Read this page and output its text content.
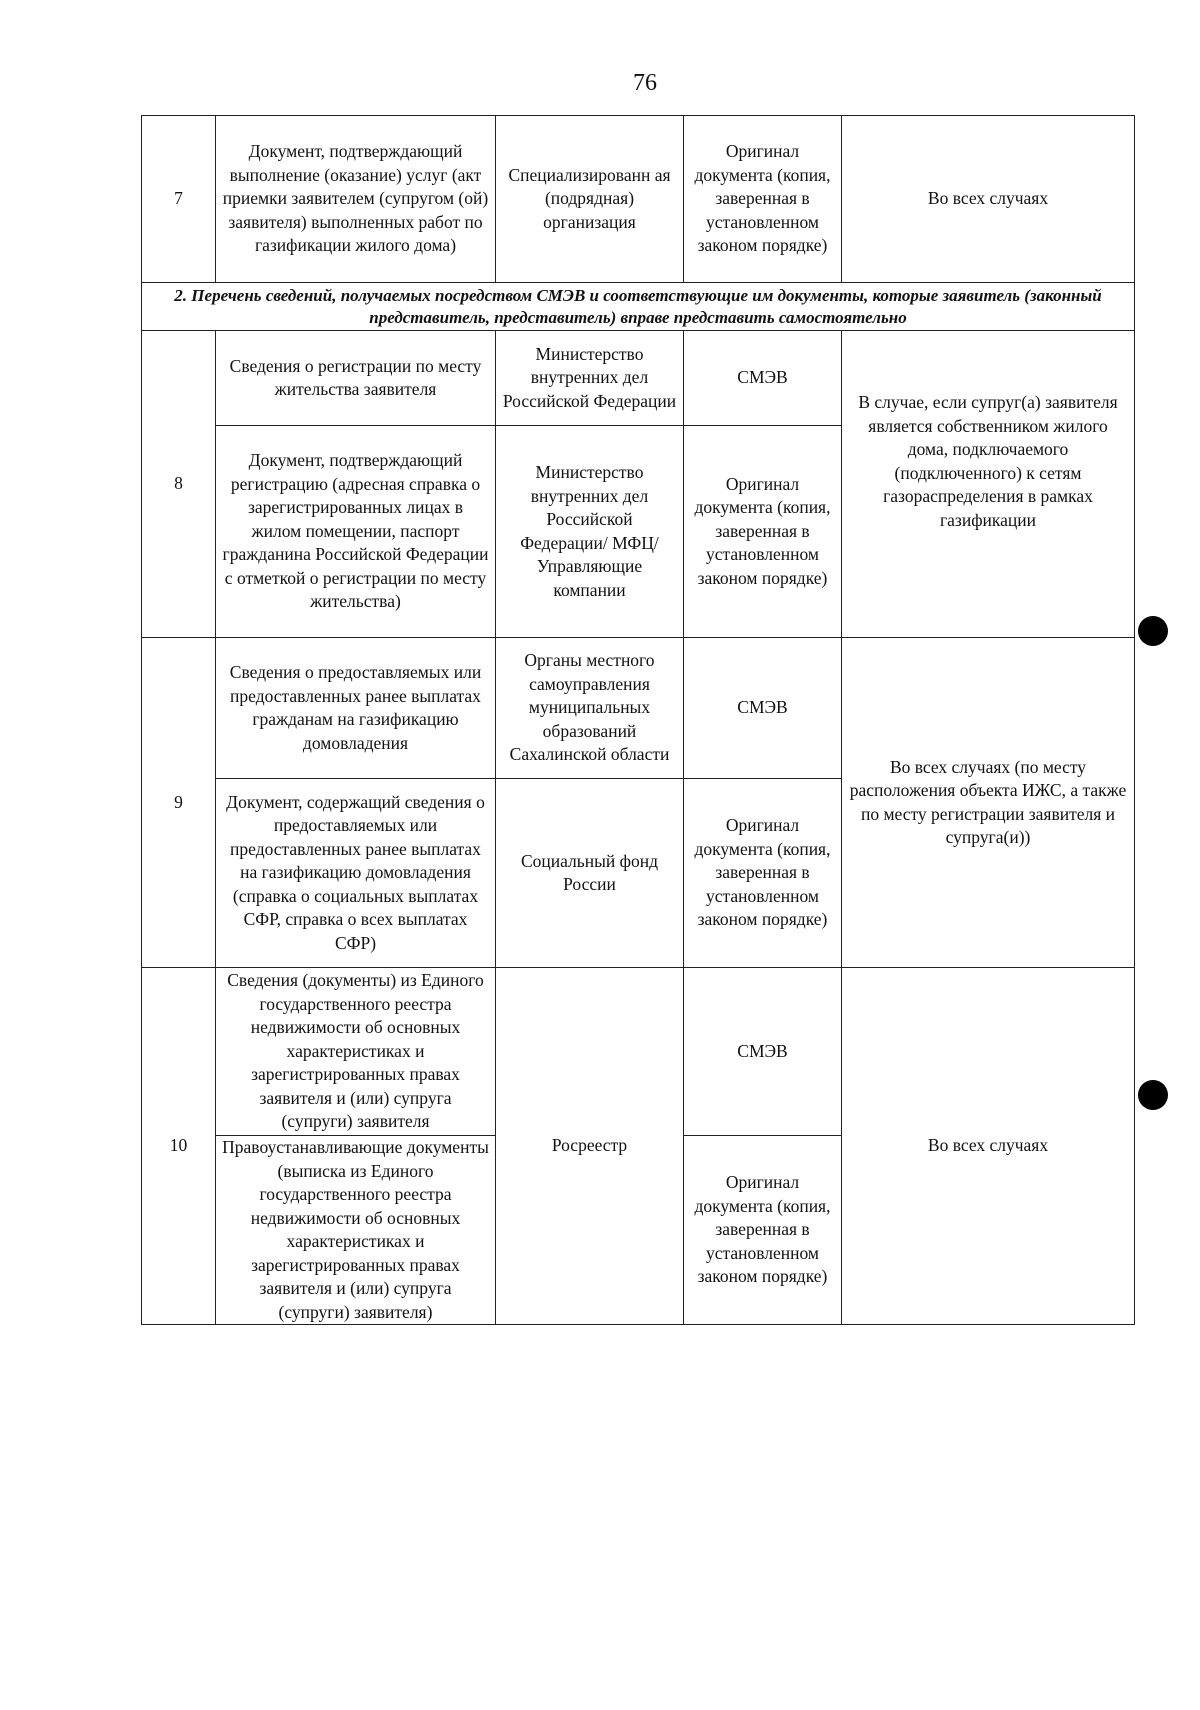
76
7	Документ, подтверждающий выполнение (оказание) услуг (акт приемки заявителем (супругом (ой) заявителя) выполненных работ по газификации жилого дома)	Специализированн ая (подрядная) организация	Оригинал документа (копия, заверенная в установленном законом порядке)	Во всех случаях
2. Перечень сведений, получаемых посредством СМЭВ и соответствующие им документы, которые заявитель (законный представитель, представитель) вправе представить самостоятельно				
8	Сведения о регистрации по месту жительства заявителя	Министерство внутренних дел Российской Федерации	СМЭВ	В случае, если супруг(а) заявителя является собственником жилого дома, подключаемого (подключенного) к сетям газораспределения в рамках газификации
	Документ, подтверждающий регистрацию (адресная справка о зарегистрированных лицах в жилом помещении, паспорт гражданина Российской Федерации с отметкой о регистрации по месту жительства)	Министерство внутренних дел Российской Федерации/ МФЦ/ Управляющие компании	Оригинал документа (копия, заверенная в установленном законом порядке)	
9	Сведения о предоставляемых или предоставленных ранее выплатах гражданам на газификацию домовладения	Органы местного самоуправления муниципальных образований Сахалинской области	СМЭВ	Во всех случаях (по месту расположения объекта ИЖС, а также по месту регистрации заявителя и супруга(и))
	Документ, содержащий сведения о предоставляемых или предоставленных ранее выплатах на газификацию домовладения (справка о социальных выплатах СФР, справка о всех выплатах СФР)	Социальный фонд России	Оригинал документа (копия, заверенная в установленном законом порядке)	
10	Сведения (документы) из Единого государственного реестра недвижимости об основных характеристиках и зарегистрированных правах заявителя и (или) супруга (супруги) заявителя	Росреестр	СМЭВ	Во всех случаях
	Правоустанавливающие документы (выписка из Единого государственного реестра недвижимости об основных характеристиках и зарегистрированных правах заявителя и (или) супруга (супруги) заявителя)		Оригинал документа (копия, заверенная в установленном законом порядке)	
